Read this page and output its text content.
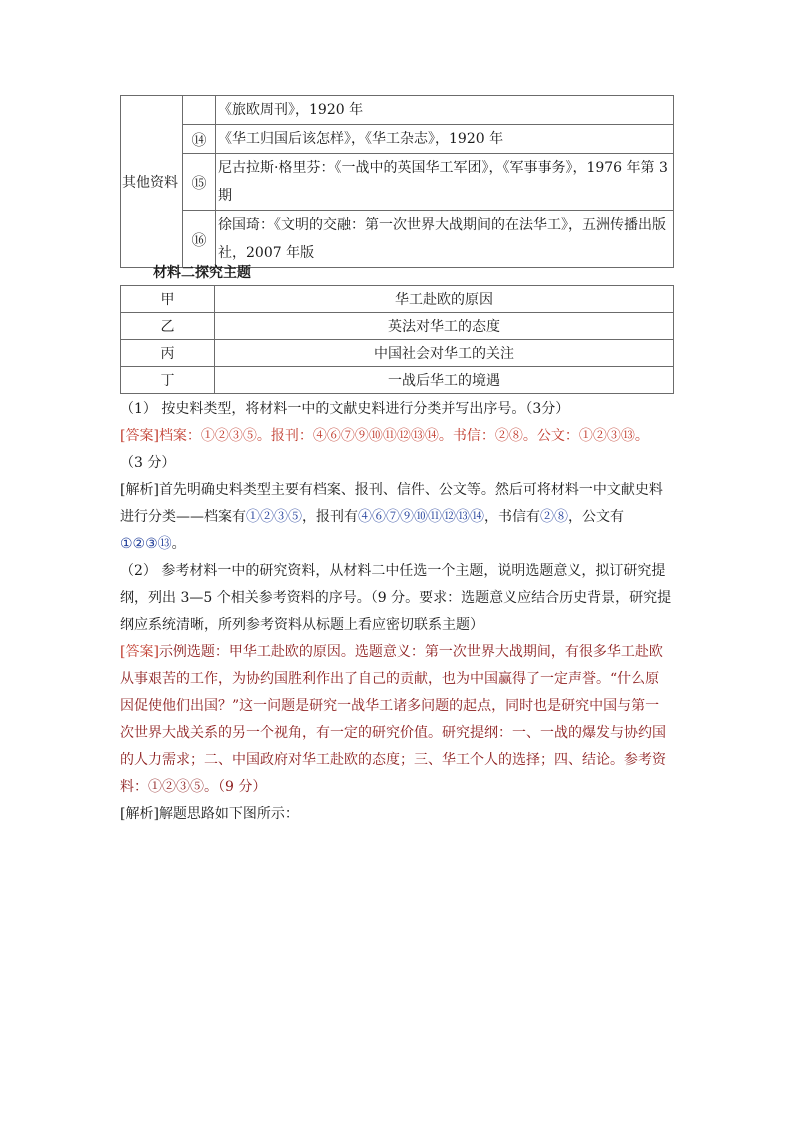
其他资料		《旅欧周刊》，1920 年
	⑭	《华工归国后该怎样》，《华工杂志》，1920 年
	⑮	尼古拉斯·格里芬：《一战中的英国华工军团》，《军事事务》，1976 年第 3期
	⑯	徐国琦：《文明的交融：第一次世界大战期间的在法华工》，五洲传播出版社，2007 年版
材料二探究主题
甲	华工赴欧的原因
乙	英法对华工的态度
丙	中国社会对华工的关注
丁	一战后华工的境遇
（1） 按史料类型，将材料一中的文献史料进行分类并写出序号。（3分）
[答案]档案：①②③⑤。报刊：④⑥⑦⑨⑩⑪⑫⑬⑭。书信：②⑧。公文：①②③⑬。
（3 分）
[解析]首先明确史料类型主要有档案、报刊、信件、公文等。然后可将材料一中文献史料
进行分类——档案有①②③⑤，报刊有④⑥⑦⑨⑩⑪⑫⑬⑭，书信有②⑧，公文有
①②③⑬。
（2） 参考材料一中的研究资料，从材料二中任选一个主题，说明选题意义，拟订研究提
纲，列出 3—5 个相关参考资料的序号。（9 分。要求：选题意义应结合历史背景，研究提
纲应系统清晰，所列参考资料从标题上看应密切联系主题）
[答案]示例选题：甲华工赴欧的原因。选题意义：第一次世界大战期间，有很多华工赴欧
从事艰苦的工作，为协约国胜利作出了自己的贡献，也为中国赢得了一定声誉。“什么原
因促使他们出国？”这一问题是研究一战华工诸多问题的起点，同时也是研究中国与第一
次世界大战关系的另一个视角，有一定的研究价值。研究提纲：一、一战的爆发与协约国
的人力需求；二、中国政府对华工赴欧的态度；三、华工个人的选择；四、结论。参考资
料：①②③⑤。（9 分）
[解析]解题思路如下图所示：
